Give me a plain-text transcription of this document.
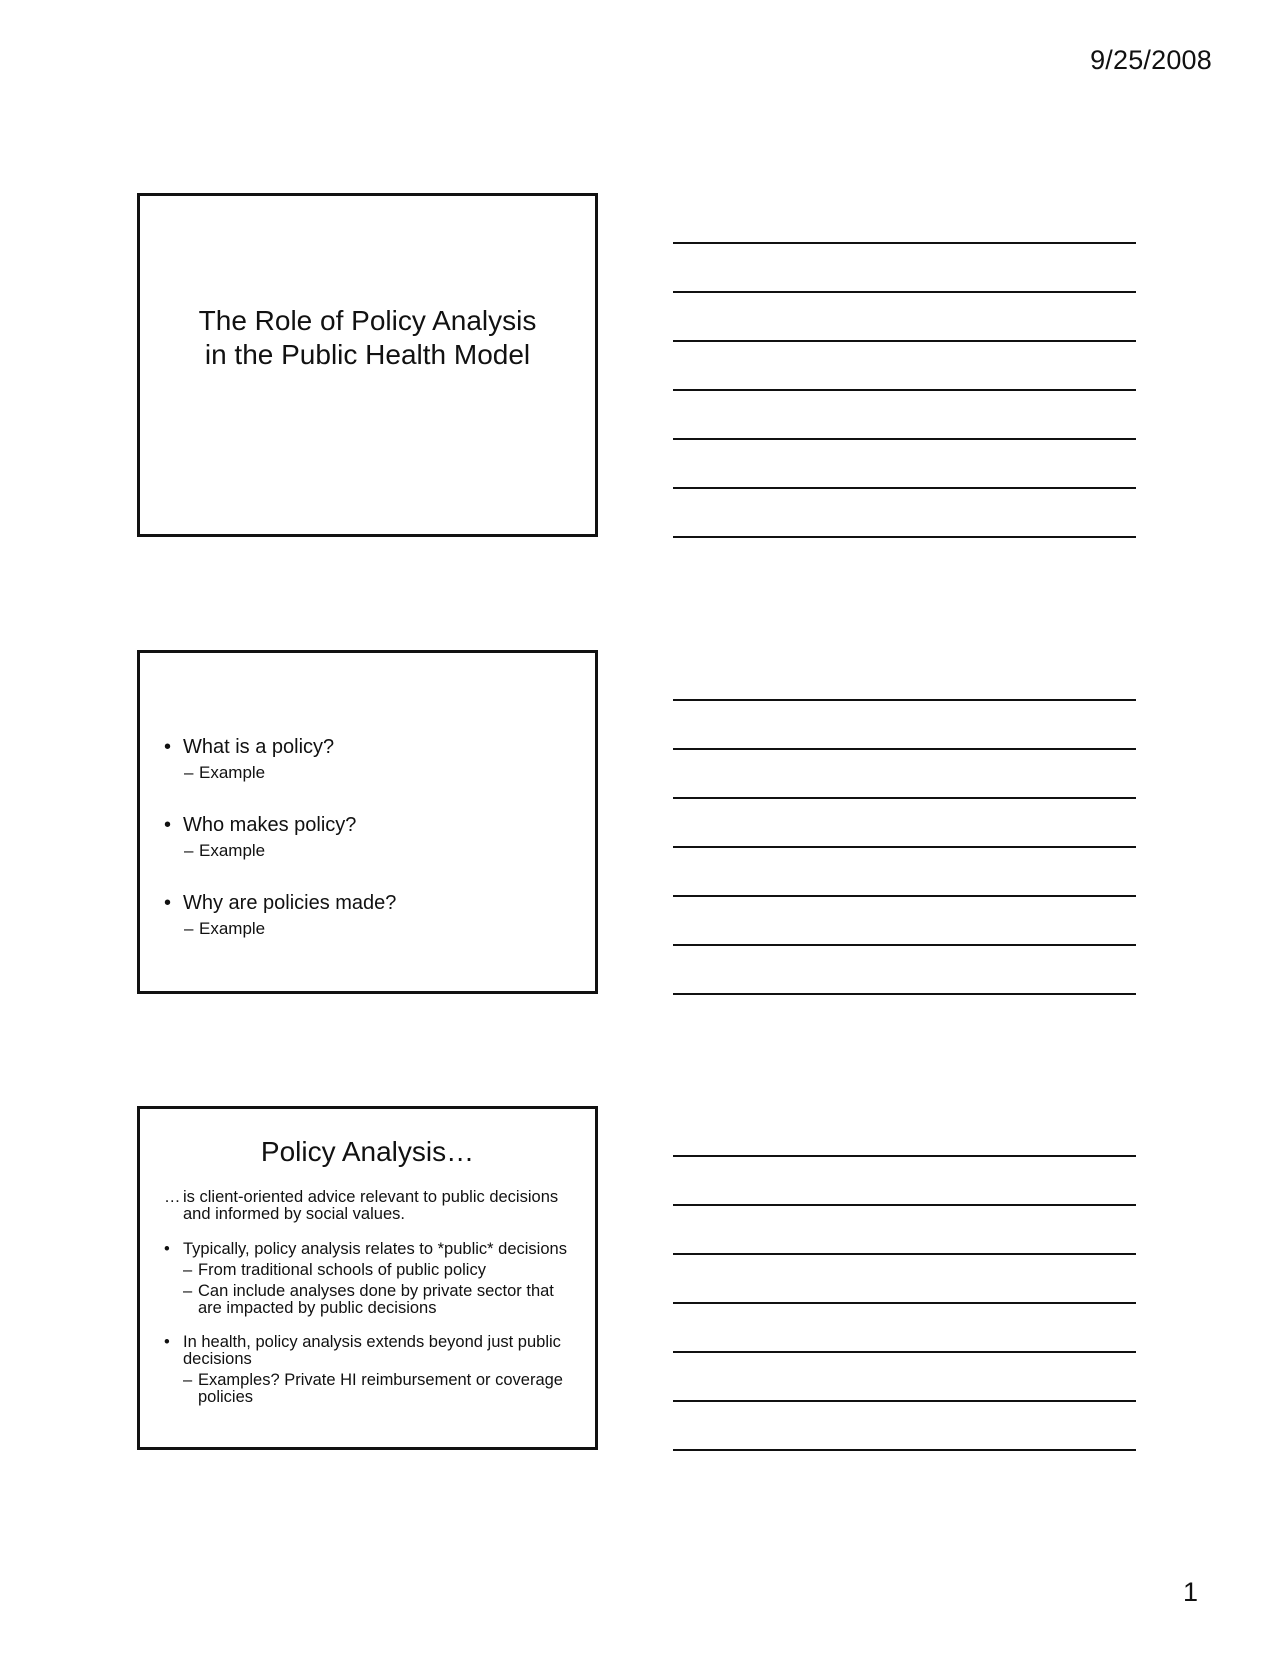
9/25/2008
The Role of Policy Analysis
in the Public Health Model
• What is a policy?
– Example
• Who makes policy?
– Example
• Why are policies made?
– Example
Policy Analysis…
… is client-oriented advice relevant to public decisions and informed by social values.
• Typically, policy analysis relates to *public* decisions
– From traditional schools of public policy
– Can include analyses done by private sector that are impacted by public decisions
• In health, policy analysis extends beyond just public decisions
– Examples? Private HI reimbursement or coverage policies
1
